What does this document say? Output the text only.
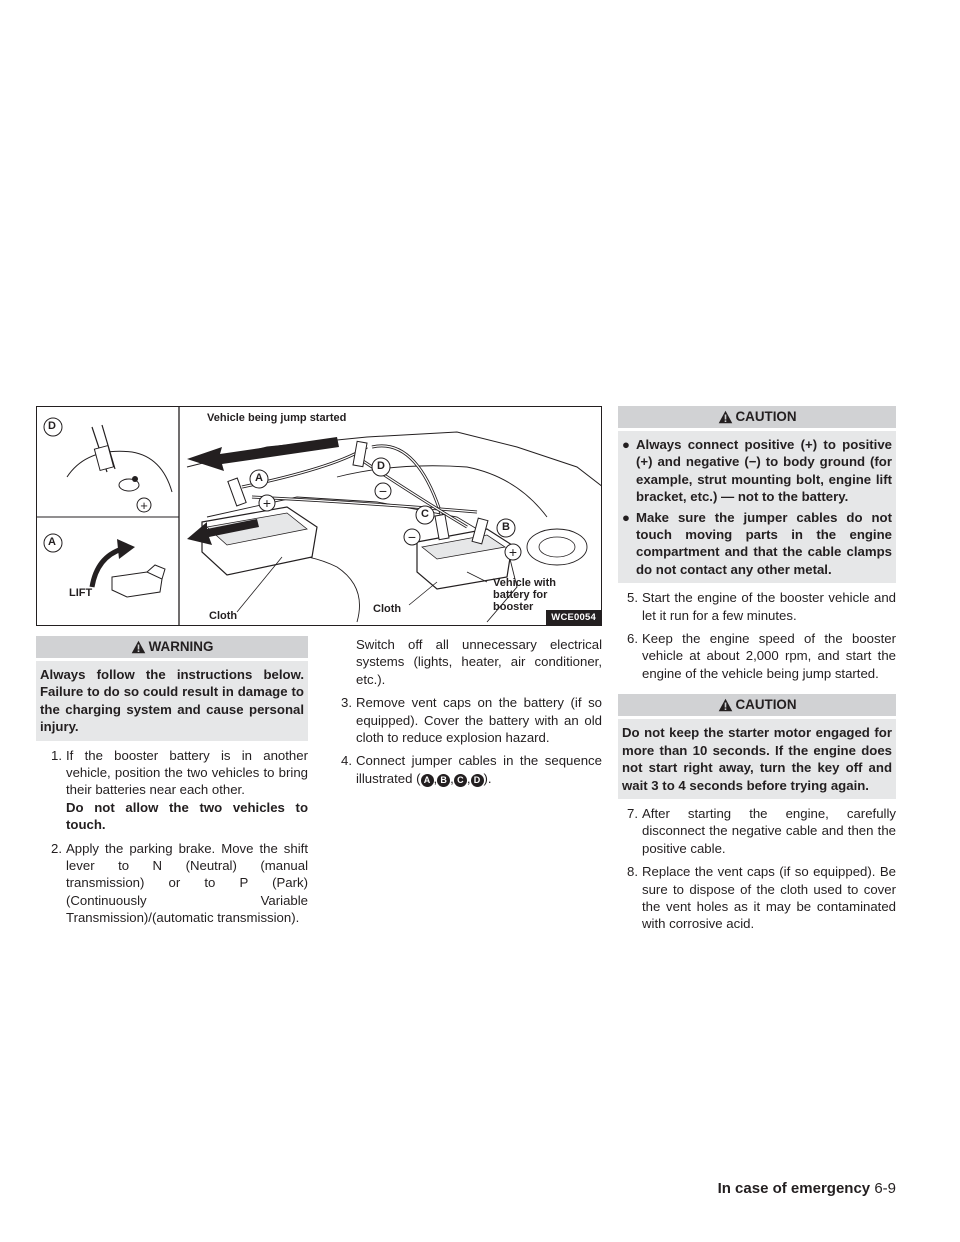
+
−
−
+
+
D
A
LIFT
Vehicle being jump started
A
D
C
B
Cloth
Cloth
Vehicle with
battery for
booster
WCE0054
WARNING
Always follow the instructions below. Failure to do so could result in damage to the charging system and cause personal injury.
1. If the booster battery is in another vehicle, position the two vehicles to bring their batteries near each other.

Do not allow the two vehicles to touch.

2. Apply the parking brake. Move the shift lever to N (Neutral) (manual transmission) or to P (Park) (Continuously Variable Transmission)/(automatic transmission).

Switch off all unnecessary electrical systems (lights, heater, air conditioner, etc.).

3. Remove vent caps on the battery (if so equipped). Cover the battery with an old cloth to reduce explosion hazard.

4. Connect jumper cables in the sequence illustrated ( A , B , C , D ).

CAUTION
● Always connect positive (+) to positive (+) and negative (−) to body ground (for example, strut mounting bolt, engine lift bracket, etc.) — not to the battery.
● Make sure the jumper cables do not touch moving parts in the engine compartment and that the cable clamps do not contact any other metal.
5. Start the engine of the booster vehicle and let it run for a few minutes.

6. Keep the engine speed of the booster vehicle at about 2,000 rpm, and start the engine of the vehicle being jump started.

CAUTION
Do not keep the starter motor engaged for more than 10 seconds. If the engine does not start right away, turn the key off and wait 3 to 4 seconds before trying again.
7. After starting the engine, carefully disconnect the negative cable and then the positive cable.

8. Replace the vent caps (if so equipped). Be sure to dispose of the cloth used to cover the vent holes as it may be contaminated with corrosive acid.

In case of emergency 6-9
